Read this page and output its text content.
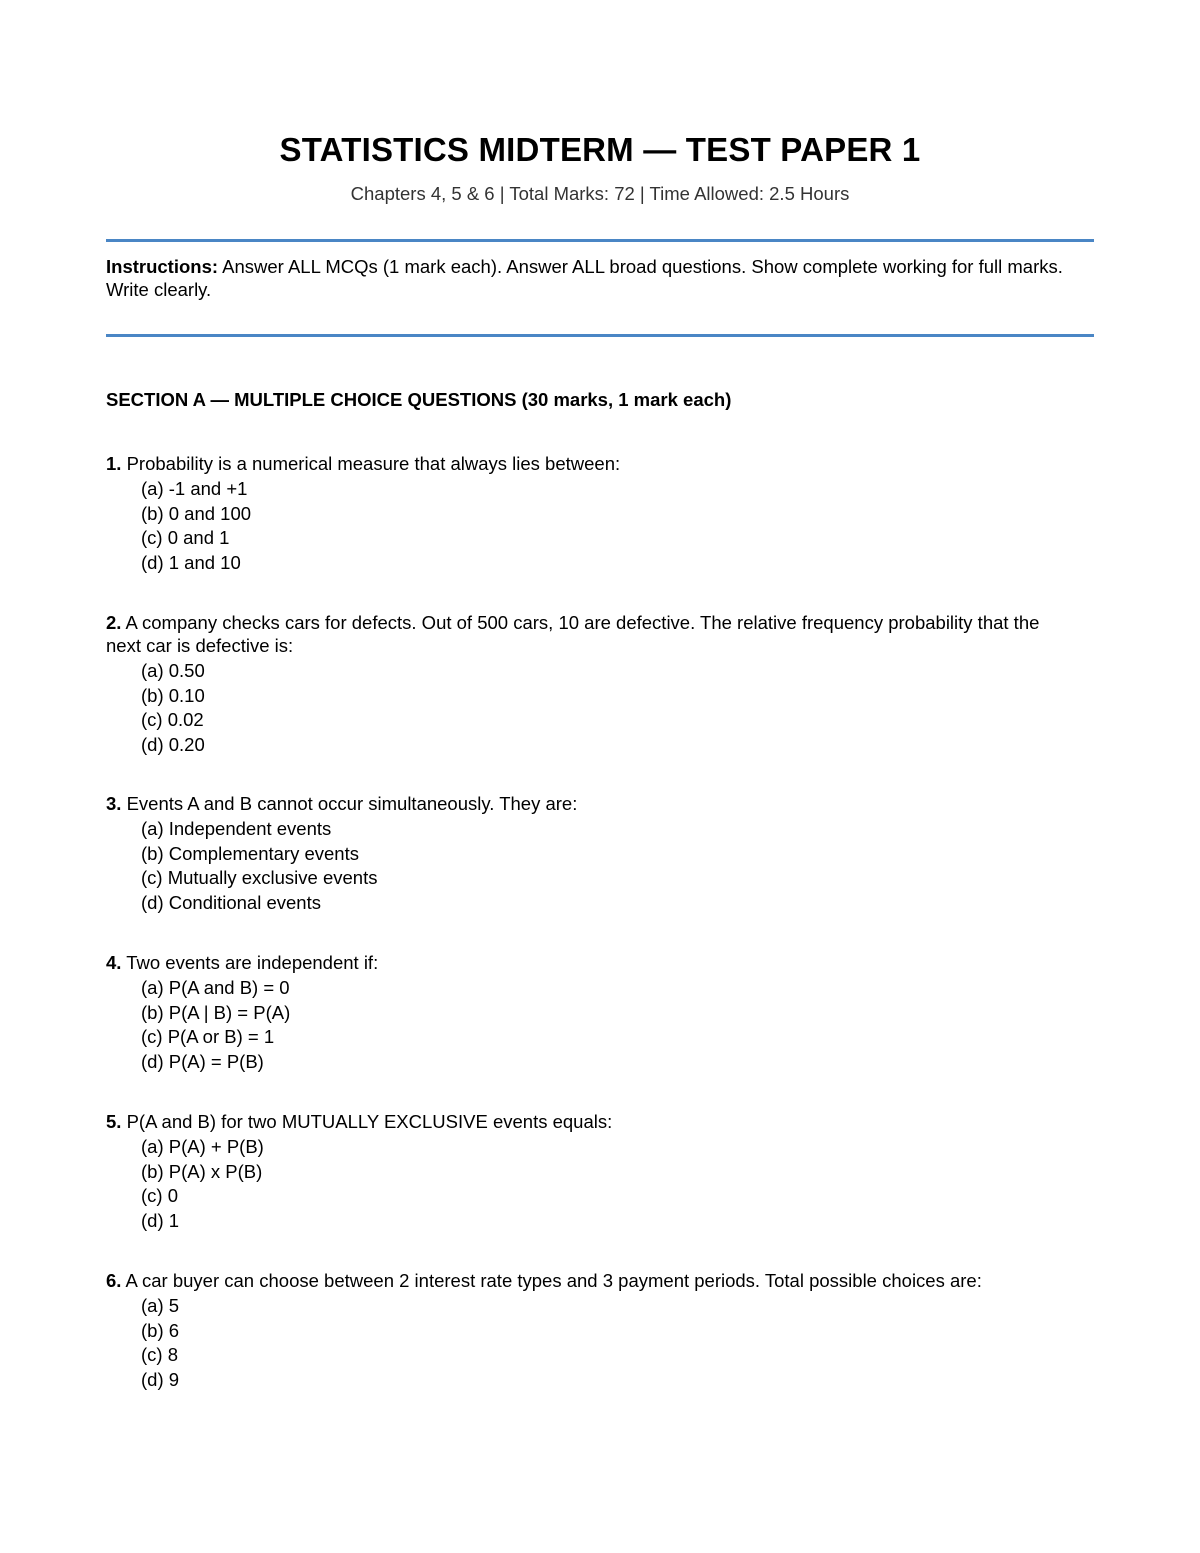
STATISTICS MIDTERM — TEST PAPER 1
Chapters 4, 5 & 6 | Total Marks: 72 | Time Allowed: 2.5 Hours
Instructions: Answer ALL MCQs (1 mark each). Answer ALL broad questions. Show complete working for full marks. Write clearly.
SECTION A — MULTIPLE CHOICE QUESTIONS (30 marks, 1 mark each)
1. Probability is a numerical measure that always lies between:
(a) -1 and +1
(b) 0 and 100
(c) 0 and 1
(d) 1 and 10
2. A company checks cars for defects. Out of 500 cars, 10 are defective. The relative frequency probability that the next car is defective is:
(a) 0.50
(b) 0.10
(c) 0.02
(d) 0.20
3. Events A and B cannot occur simultaneously. They are:
(a) Independent events
(b) Complementary events
(c) Mutually exclusive events
(d) Conditional events
4. Two events are independent if:
(a) P(A and B) = 0
(b) P(A | B) = P(A)
(c) P(A or B) = 1
(d) P(A) = P(B)
5. P(A and B) for two MUTUALLY EXCLUSIVE events equals:
(a) P(A) + P(B)
(b) P(A) x P(B)
(c) 0
(d) 1
6. A car buyer can choose between 2 interest rate types and 3 payment periods. Total possible choices are:
(a) 5
(b) 6
(c) 8
(d) 9
